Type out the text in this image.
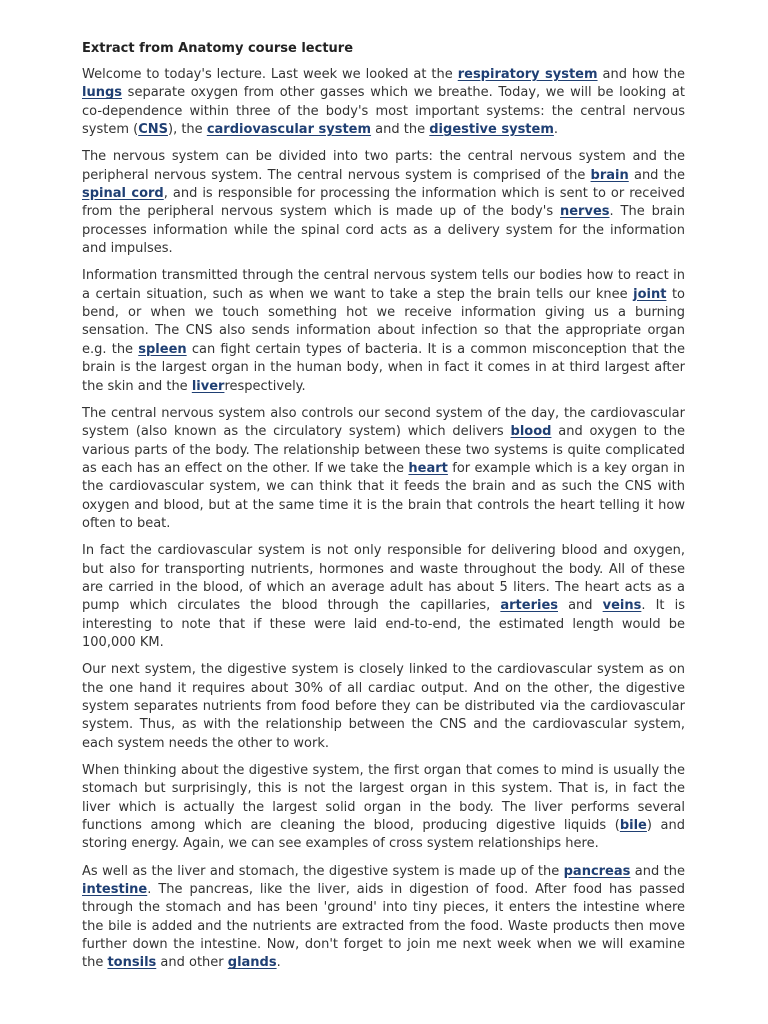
Extract from Anatomy course lecture

Welcome to today's lecture. Last week we looked at the respiratory system and how the lungs separate oxygen from other gasses which we breathe. Today, we will be looking at co-dependence within three of the body's most important systems: the central nervous system (CNS), the cardiovascular system and the digestive system.

The nervous system can be divided into two parts: the central nervous system and the peripheral nervous system. The central nervous system is comprised of the brain and the spinal cord, and is responsible for processing the information which is sent to or received from the peripheral nervous system which is made up of the body's nerves. The brain processes information while the spinal cord acts as a delivery system for the information and impulses.

Information transmitted through the central nervous system tells our bodies how to react in a certain situation, such as when we want to take a step the brain tells our knee joint to bend, or when we touch something hot we receive information giving us a burning sensation. The CNS also sends information about infection so that the appropriate organ e.g. the spleen can fight certain types of bacteria. It is a common misconception that the brain is the largest organ in the human body, when in fact it comes in at third largest after the skin and the liverrespectively.

The central nervous system also controls our second system of the day, the cardiovascular system (also known as the circulatory system) which delivers blood and oxygen to the various parts of the body. The relationship between these two systems is quite complicated as each has an effect on the other. If we take the heart for example which is a key organ in the cardiovascular system, we can think that it feeds the brain and as such the CNS with oxygen and blood, but at the same time it is the brain that controls the heart telling it how often to beat.

In fact the cardiovascular system is not only responsible for delivering blood and oxygen, but also for transporting nutrients, hormones and waste throughout the body. All of these are carried in the blood, of which an average adult has about 5 liters. The heart acts as a pump which circulates the blood through the capillaries, arteries and veins. It is interesting to note that if these were laid end-to-end, the estimated length would be 100,000 KM.

Our next system, the digestive system is closely linked to the cardiovascular system as on the one hand it requires about 30% of all cardiac output. And on the other, the digestive system separates nutrients from food before they can be distributed via the cardiovascular system. Thus, as with the relationship between the CNS and the cardiovascular system, each system needs the other to work.

When thinking about the digestive system, the first organ that comes to mind is usually the stomach but surprisingly, this is not the largest organ in this system. That is, in fact the liver which is actually the largest solid organ in the body. The liver performs several functions among which are cleaning the blood, producing digestive liquids (bile) and storing energy. Again, we can see examples of cross system relationships here.

As well as the liver and stomach, the digestive system is made up of the pancreas and the intestine. The pancreas, like the liver, aids in digestion of food. After food has passed through the stomach and has been 'ground' into tiny pieces, it enters the intestine where the bile is added and the nutrients are extracted from the food. Waste products then move further down the intestine. Now, don't forget to join me next week when we will examine the tonsils and other glands.
